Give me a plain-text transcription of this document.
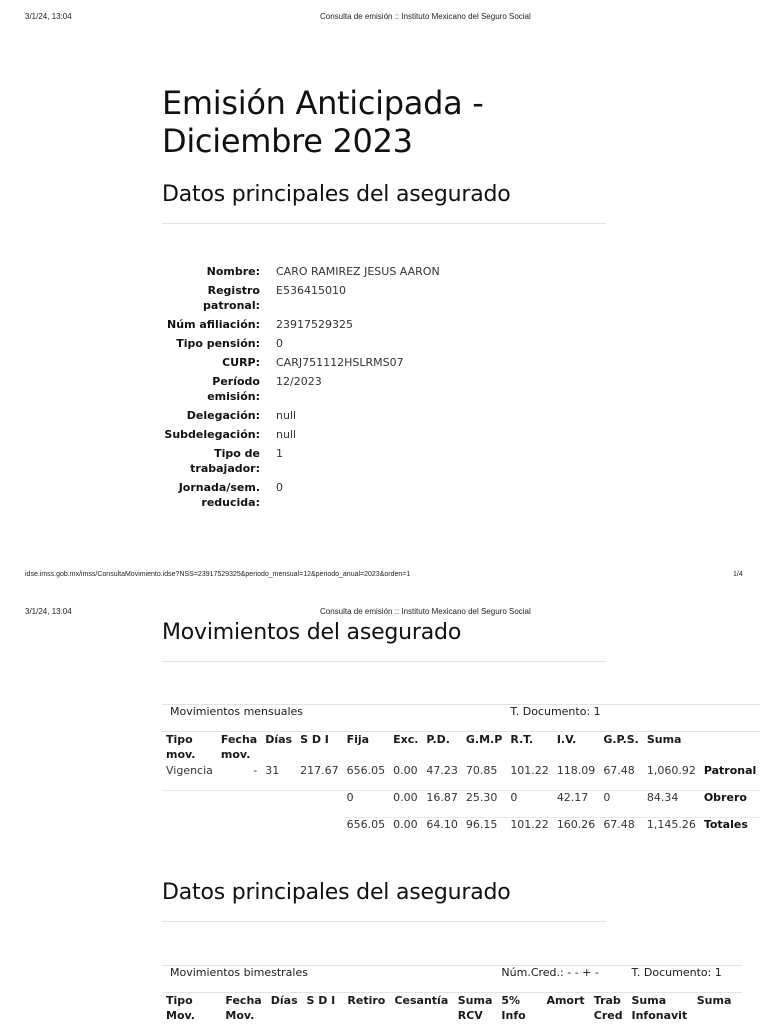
3/1/24, 13:04	Consulta de emisión :: Instituto Mexicano del Seguro Social
Emisión Anticipada -
Diciembre 2023
Datos principales del asegurado
Nombre:	CARO RAMIREZ JESUS AARON
Registro patronal:
E536415010
Núm afiliación:	23917529325
Tipo pensión:	0
CURP:	CARJ751112HSLRMS07
Período emisión:
12/2023
Delegación:	null
Subdelegación:	null
Tipo de trabajador:
1
Jornada/sem. reducida:
0
idse.imss.gob.mx/imss/ConsultaMovimiento.idse?NSS=23917529325&periodo_mensual=12&periodo_anual=2023&orden=1	1/4
3/1/24, 13:04	Consulta de emisión :: Instituto Mexicano del Seguro Social
Movimientos del asegurado
Movimientos mensuales								T. Documento: 1				
Tipo mov.	Fecha mov.	Días	S D I	Fija	Exc.	P.D.	G.M.P	R.T.	I.V.	G.P.S.	Suma	
Vigencia	-	31	217.67	656.05	0.00	47.23	70.85	101.22	118.09	67.48	1,060.92	Patronal
				0	0.00	16.87	25.30	0	42.17	0	84.34	Obrero
				656.05	0.00	64.10	96.15	101.22	160.26	67.48	1,145.26	Totales
Datos principales del asegurado
Movimientos bimestrales							Núm.Cred.: - - + -			T. Documento: 1	
Tipo Mov.	Fecha Mov.	Días	S D I	Retiro	Cesantía	Suma RCV	5% Info	Amort	Trab Cred	Suma Infonavit	Suma
